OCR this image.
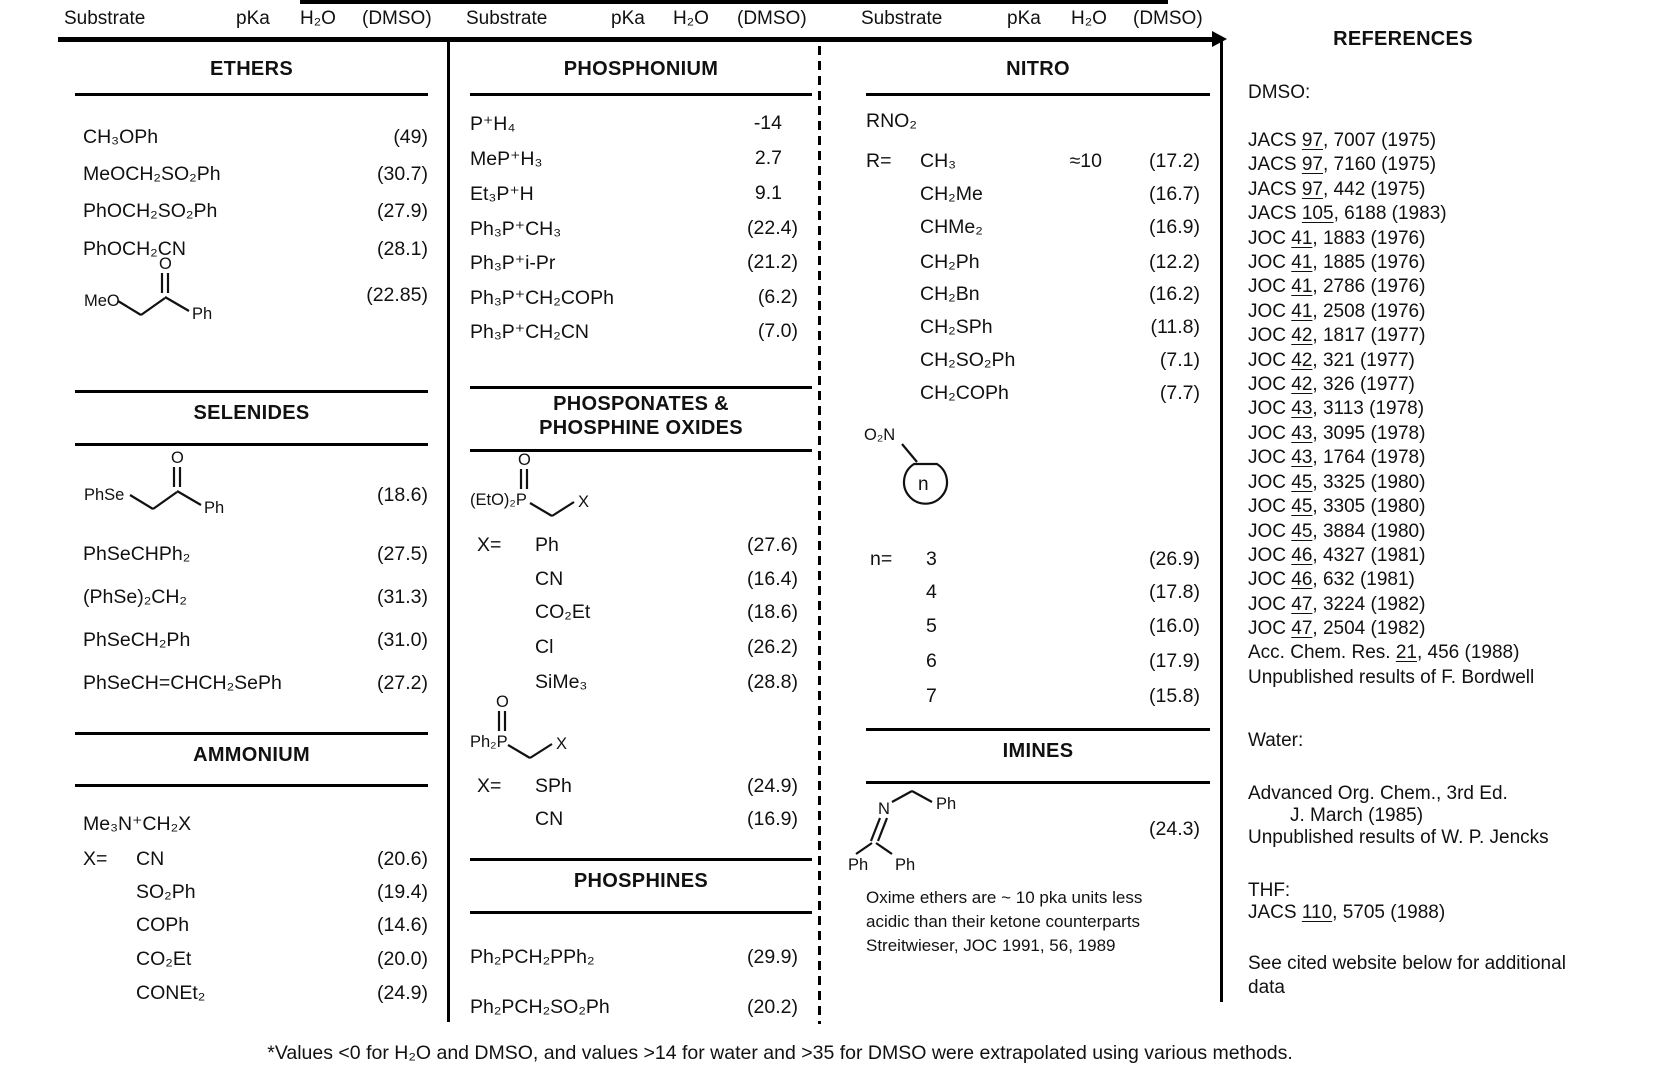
Substrate	pKa H₂O (DMSO) Substrate	pKa H₂O (DMSO)	Substrate	pKa H₂O (DMSO)
ETHERS
CH₃OPh	(49)
MeOCH₂SO₂Ph	(30.7)
PhOCH₂SO₂Ph	(27.9)
PhOCH₂CN	(28.1)
MeO
O
Ph
(22.85)
SELENIDES
PhSe
O
Ph
(18.6)
PhSeCHPh₂	(27.5)
(PhSe)₂CH₂	(31.3)
PhSeCH₂Ph	(31.0)
PhSeCH=CHCH₂SePh	(27.2)
AMMONIUM
Me₃N⁺CH₂X
X= CN	(20.6)
SO₂Ph	(19.4)
COPh	(14.6)
CO₂Et	(20.0)
CONEt₂	(24.9)
PHOSPHONIUM
P⁺H₄	-14
MeP⁺H₃	2.7
Et₃P⁺H	9.1
Ph₃P⁺CH₃	(22.4)
Ph₃P⁺i-Pr	(21.2)
Ph₃P⁺CH₂COPh	(6.2)
Ph₃P⁺CH₂CN	(7.0)
PHOSPONATES &
PHOSPHINE OXIDES
O
(EtO)₂P	X
X= Ph	(27.6)
CN	(16.4)
CO₂Et	(18.6)
Cl	(26.2)
SiMe₃	(28.8)
O
Ph₂P	X
X= SPh	(24.9)
CN	(16.9)
PHOSPHINES
Ph₂PCH₂PPh₂	(29.9)
Ph₂PCH₂SO₂Ph	(20.2)
NITRO
RNO₂
R= CH₃	≈10 (17.2)
CH₂Me	(16.7)
CHMe₂	(16.9)
CH₂Ph	(12.2)
CH₂Bn	(16.2)
CH₂SPh	(11.8)
CH₂SO₂Ph	(7.1)
CH₂COPh	(7.7)
O₂N
n
n= 3	(26.9)
4	(17.8)
5	(16.0)
6	(17.9)
7	(15.8)
IMINES
N	Ph
Ph Ph
(24.3)
Oxime ethers are ~ 10 pka units less
acidic than their ketone counterparts
Streitwieser, JOC 1991, 56, 1989
REFERENCES
DMSO:
JACS 97, 7007 (1975)
JACS 97, 7160 (1975)
JACS 97, 442 (1975)
JACS 105, 6188 (1983)
JOC 41, 1883 (1976)
JOC 41, 1885 (1976)
JOC 41, 2786 (1976)
JOC 41, 2508 (1976)
JOC 42, 1817 (1977)
JOC 42, 321 (1977)
JOC 42, 326 (1977)
JOC 43, 3113 (1978)
JOC 43, 3095 (1978)
JOC 43, 1764 (1978)
JOC 45, 3325 (1980)
JOC 45, 3305 (1980)
JOC 45, 3884 (1980)
JOC 46, 4327 (1981)
JOC 46, 632 (1981)
JOC 47, 3224 (1982)
JOC 47, 2504 (1982)
Acc. Chem. Res. 21, 456 (1988)
Unpublished results of F. Bordwell
Water:
Advanced Org. Chem., 3rd Ed.
J. March (1985)
Unpublished results of W. P. Jencks
THF:
JACS 110, 5705 (1988)
See cited website below for additional
data
*Values <0 for H₂O and DMSO, and values >14 for water and >35 for DMSO were extrapolated using various methods.
